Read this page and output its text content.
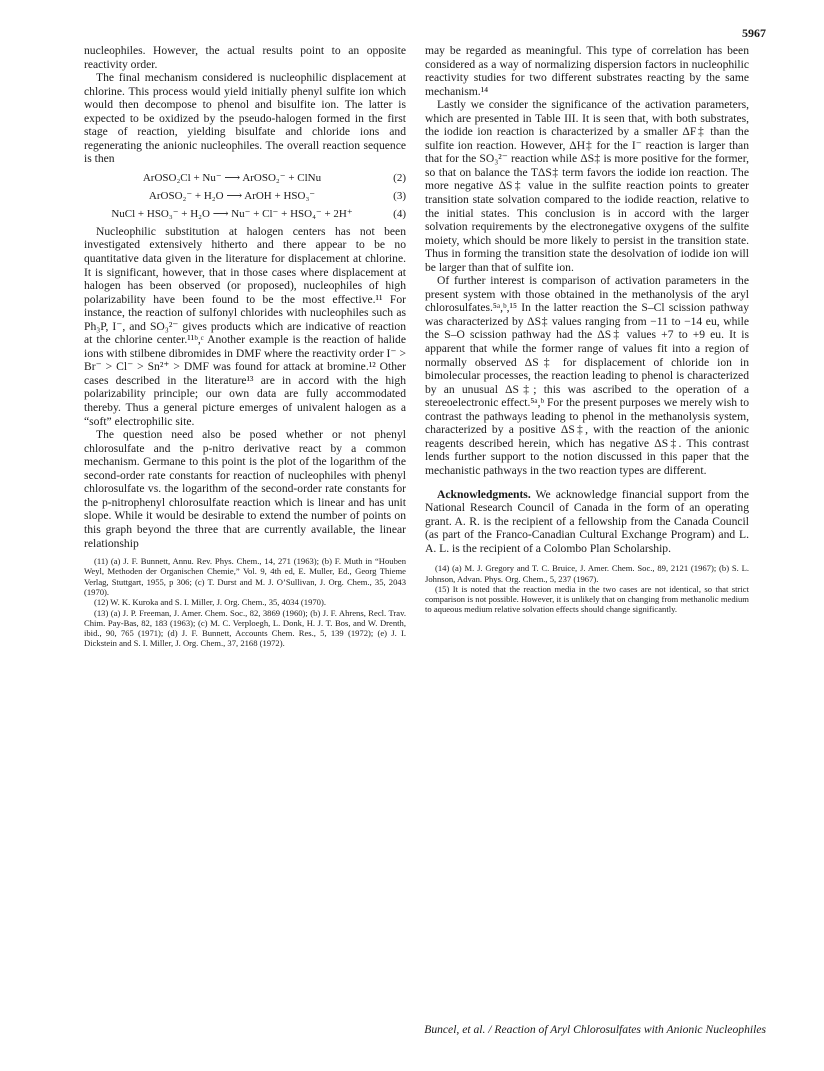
5967

nucleophiles. However, the actual results point to an opposite reactivity order.

The final mechanism considered is nucleophilic displacement at chlorine. This process would yield initially phenyl sulfite ion which would then decompose to phenol and bisulfite ion. The latter is expected to be oxidized by the pseudo-halogen formed in the first stage of reaction, yielding bisulfate and chloride ions and regenerating the anionic nucleophiles. The overall reaction sequence is then

ArOSO₂Cl + Nu⁻ ⟶ ArOSO₂⁻ + ClNu	(2)
ArOSO₂⁻ + H₂O ⟶ ArOH + HSO₃⁻	(3)
NuCl + HSO₃⁻ + H₂O ⟶ Nu⁻ + Cl⁻ + HSO₄⁻ + 2H⁺	(4)

Nucleophilic substitution at halogen centers has not been investigated extensively hitherto and there appear to be no quantitative data given in the literature for displacement at chlorine. It is significant, however, that in those cases where displacement at halogen has been observed (or proposed), nucleophiles of high polarizability have been found to be the most effective.¹¹ For instance, the reaction of sulfonyl chlorides with nucleophiles such as Ph₃P, I⁻, and SO₃²⁻ gives products which are indicative of reaction at the chlorine center.¹¹ᵇ,ᶜ Another example is the reaction of halide ions with stilbene dibromides in DMF where the reactivity order I⁻ > Br⁻ > Cl⁻ > Sn²⁺ > DMF was found for attack at bromine.¹² Other cases described in the literature¹³ are in accord with the high polarizability principle; our own data are fully accommodated thereby. Thus a general picture emerges of univalent halogen as a “soft” electrophilic site.

The question need also be posed whether or not phenyl chlorosulfate and the p-nitro derivative react by a common mechanism. Germane to this point is the plot of the logarithm of the second-order rate constants for reaction of nucleophiles with phenyl chlorosulfate vs. the logarithm of the second-order rate constants for the p-nitrophenyl chlorosulfate reaction which is linear and has unit slope. While it would be desirable to extend the number of points on this graph beyond the three that are currently available, the linear relationship

(11) (a) J. F. Bunnett, Annu. Rev. Phys. Chem., 14, 271 (1963); (b) F. Muth in “Houben Weyl, Methoden der Organischen Chemie,” Vol. 9, 4th ed, E. Muller, Ed., Georg Thieme Verlag, Stuttgart, 1955, p 306; (c) T. Durst and M. J. O’Sullivan, J. Org. Chem., 35, 2043 (1970).

(12) W. K. Kuroka and S. I. Miller, J. Org. Chem., 35, 4034 (1970).

(13) (a) J. P. Freeman, J. Amer. Chem. Soc., 82, 3869 (1960); (b) J. F. Ahrens, Recl. Trav. Chim. Pay-Bas, 82, 183 (1963); (c) M. C. Verploegh, L. Donk, H. J. T. Bos, and W. Drenth, ibid., 90, 765 (1971); (d) J. F. Bunnett, Accounts Chem. Res., 5, 139 (1972); (e) J. I. Dickstein and S. I. Miller, J. Org. Chem., 37, 2168 (1972).

may be regarded as meaningful. This type of correlation has been considered as a way of normalizing dispersion factors in nucleophilic reactivity studies for two different substrates reacting by the same mechanism.¹⁴

Lastly we consider the significance of the activation parameters, which are presented in Table III. It is seen that, with both substrates, the iodide ion reaction is characterized by a smaller ΔF‡ than the sulfite ion reaction. However, ΔH‡ for the I⁻ reaction is larger than that for the SO₃²⁻ reaction while ΔS‡ is more positive for the former, so that on balance the TΔS‡ term favors the iodide ion reaction. The more negative ΔS‡ value in the sulfite reaction points to greater transition state solvation compared to the iodide reaction, relative to the initial states. This conclusion is in accord with the larger solvation requirements by the electronegative oxygens of the sulfite moiety, which should be more likely to persist in the transition state. Thus in forming the transition state the desolvation of iodide ion will be larger than that of sulfite ion.

Of further interest is comparison of activation parameters in the present system with those obtained in the methanolysis of the aryl chlorosulfates.⁵ᵃ,ᵇ,¹⁵ In the latter reaction the S–Cl scission pathway was characterized by ΔS‡ values ranging from −11 to −14 eu, while the S–O scission pathway had the ΔS‡ values +7 to +9 eu. It is apparent that while the former range of values fit into a region of normally observed ΔS‡ for displacement of chloride ion in bimolecular processes, the reaction leading to phenol is characterized by an unusual ΔS‡; this was ascribed to the operation of a stereoelectronic effect.⁵ᵃ,ᵇ For the present purposes we merely wish to contrast the pathways leading to phenol in the methanolysis system, characterized by a positive ΔS‡, with the reaction of the anionic reagents described herein, which has negative ΔS‡. This contrast lends further support to the notion discussed in this paper that the mechanistic pathways in the two reaction types are different.

Acknowledgments. We acknowledge financial support from the National Research Council of Canada in the form of an operating grant. A. R. is the recipient of a fellowship from the Canada Council (as part of the Franco-Canadian Cultural Exchange Program) and L. A. L. is the recipient of a Colombo Plan Scholarship.

(14) (a) M. J. Gregory and T. C. Bruice, J. Amer. Chem. Soc., 89, 2121 (1967); (b) S. L. Johnson, Advan. Phys. Org. Chem., 5, 237 (1967).

(15) It is noted that the reaction media in the two cases are not identical, so that strict comparison is not possible. However, it is unlikely that on changing from methanolic medium to aqueous medium relative solvation effects should change significantly.

Buncel, et al. / Reaction of Aryl Chlorosulfates with Anionic Nucleophiles
